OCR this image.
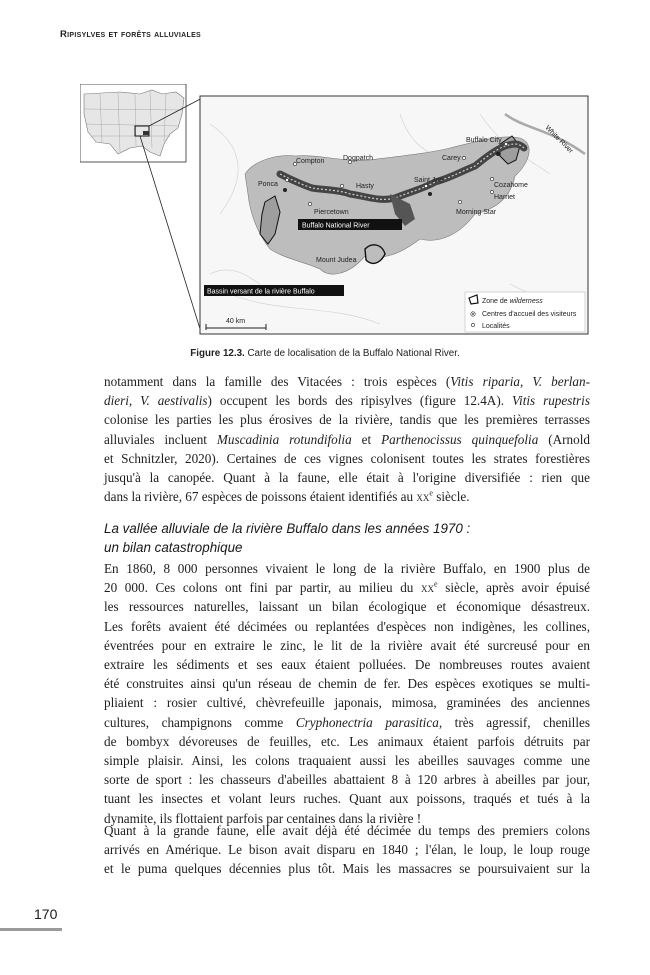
Ripisylves et forêts alluviales
Buffalo City	White River
Compton	Dogpatch	Carey
Ponca	Hasty
Saint Joe
Cozahome
Harriet
Piercetown	Morning Star
Buffalo National River
Mount Judea
Bassin versant de la rivière Buffalo
40 km
Zone de wilderness
Centres d'accueil des visiteurs
Localités
Figure 12.3. Carte de localisation de la Buffalo National River.
notamment dans la famille des Vitacées : trois espèces (Vitis riparia, V. berlan-
dieri, V. aestivalis) occupent les bords des ripisylves (figure 12.4A). Vitis rupestris
colonise les parties les plus érosives de la rivière, tandis que les premières terrasses
alluviales incluent Muscadinia rotundifolia et Parthenocissus quinquefolia (Arnold
et Schnitzler, 2020). Certaines de ces vignes colonisent toutes les strates forestières
jusqu'à la canopée. Quant à la faune, elle était à l'origine diversifiée : rien que
dans la rivière, 67 espèces de poissons étaient identifiés au $xx^e$ siècle.
La vallée alluviale de la rivière Buffalo dans les années 1970 :
un bilan catastrophique
En 1860, 8 000 personnes vivaient le long de la rivière Buffalo, en 1900 plus de
20 000. Ces colons ont fini par partir, au milieu du $xx^e$ siècle, après avoir épuisé
les ressources naturelles, laissant un bilan écologique et économique désastreux.
Les forêts avaient été décimées ou replantées d'espèces non indigènes, les collines,
éventrées pour en extraire le zinc, le lit de la rivière avait été surcreusé pour en
extraire les sédiments et ses eaux étaient polluées. De nombreuses routes avaient
été construites ainsi qu'un réseau de chemin de fer. Des espèces exotiques se multi-
pliaient : rosier cultivé, chèvrefeuille japonais, mimosa, graminées des anciennes
cultures, champignons comme Cryphonectria parasitica, très agressif, chenilles
de bombyx dévoreuses de feuilles, etc. Les animaux étaient parfois détruits par
simple plaisir. Ainsi, les colons traquaient aussi les abeilles sauvages comme une
sorte de sport : les chasseurs d'abeilles abattaient 8 à 120 arbres à abeilles par jour,
tuant les insectes et volant leurs ruches. Quant aux poissons, traqués et tués à la
dynamite, ils flottaient parfois par centaines dans la rivière !
Quant à la grande faune, elle avait déjà été décimée du temps des premiers colons
arrivés en Amérique. Le bison avait disparu en 1840 ; l'élan, le loup, le loup rouge
et le puma quelques décennies plus tôt. Mais les massacres se poursuivaient sur la
170
